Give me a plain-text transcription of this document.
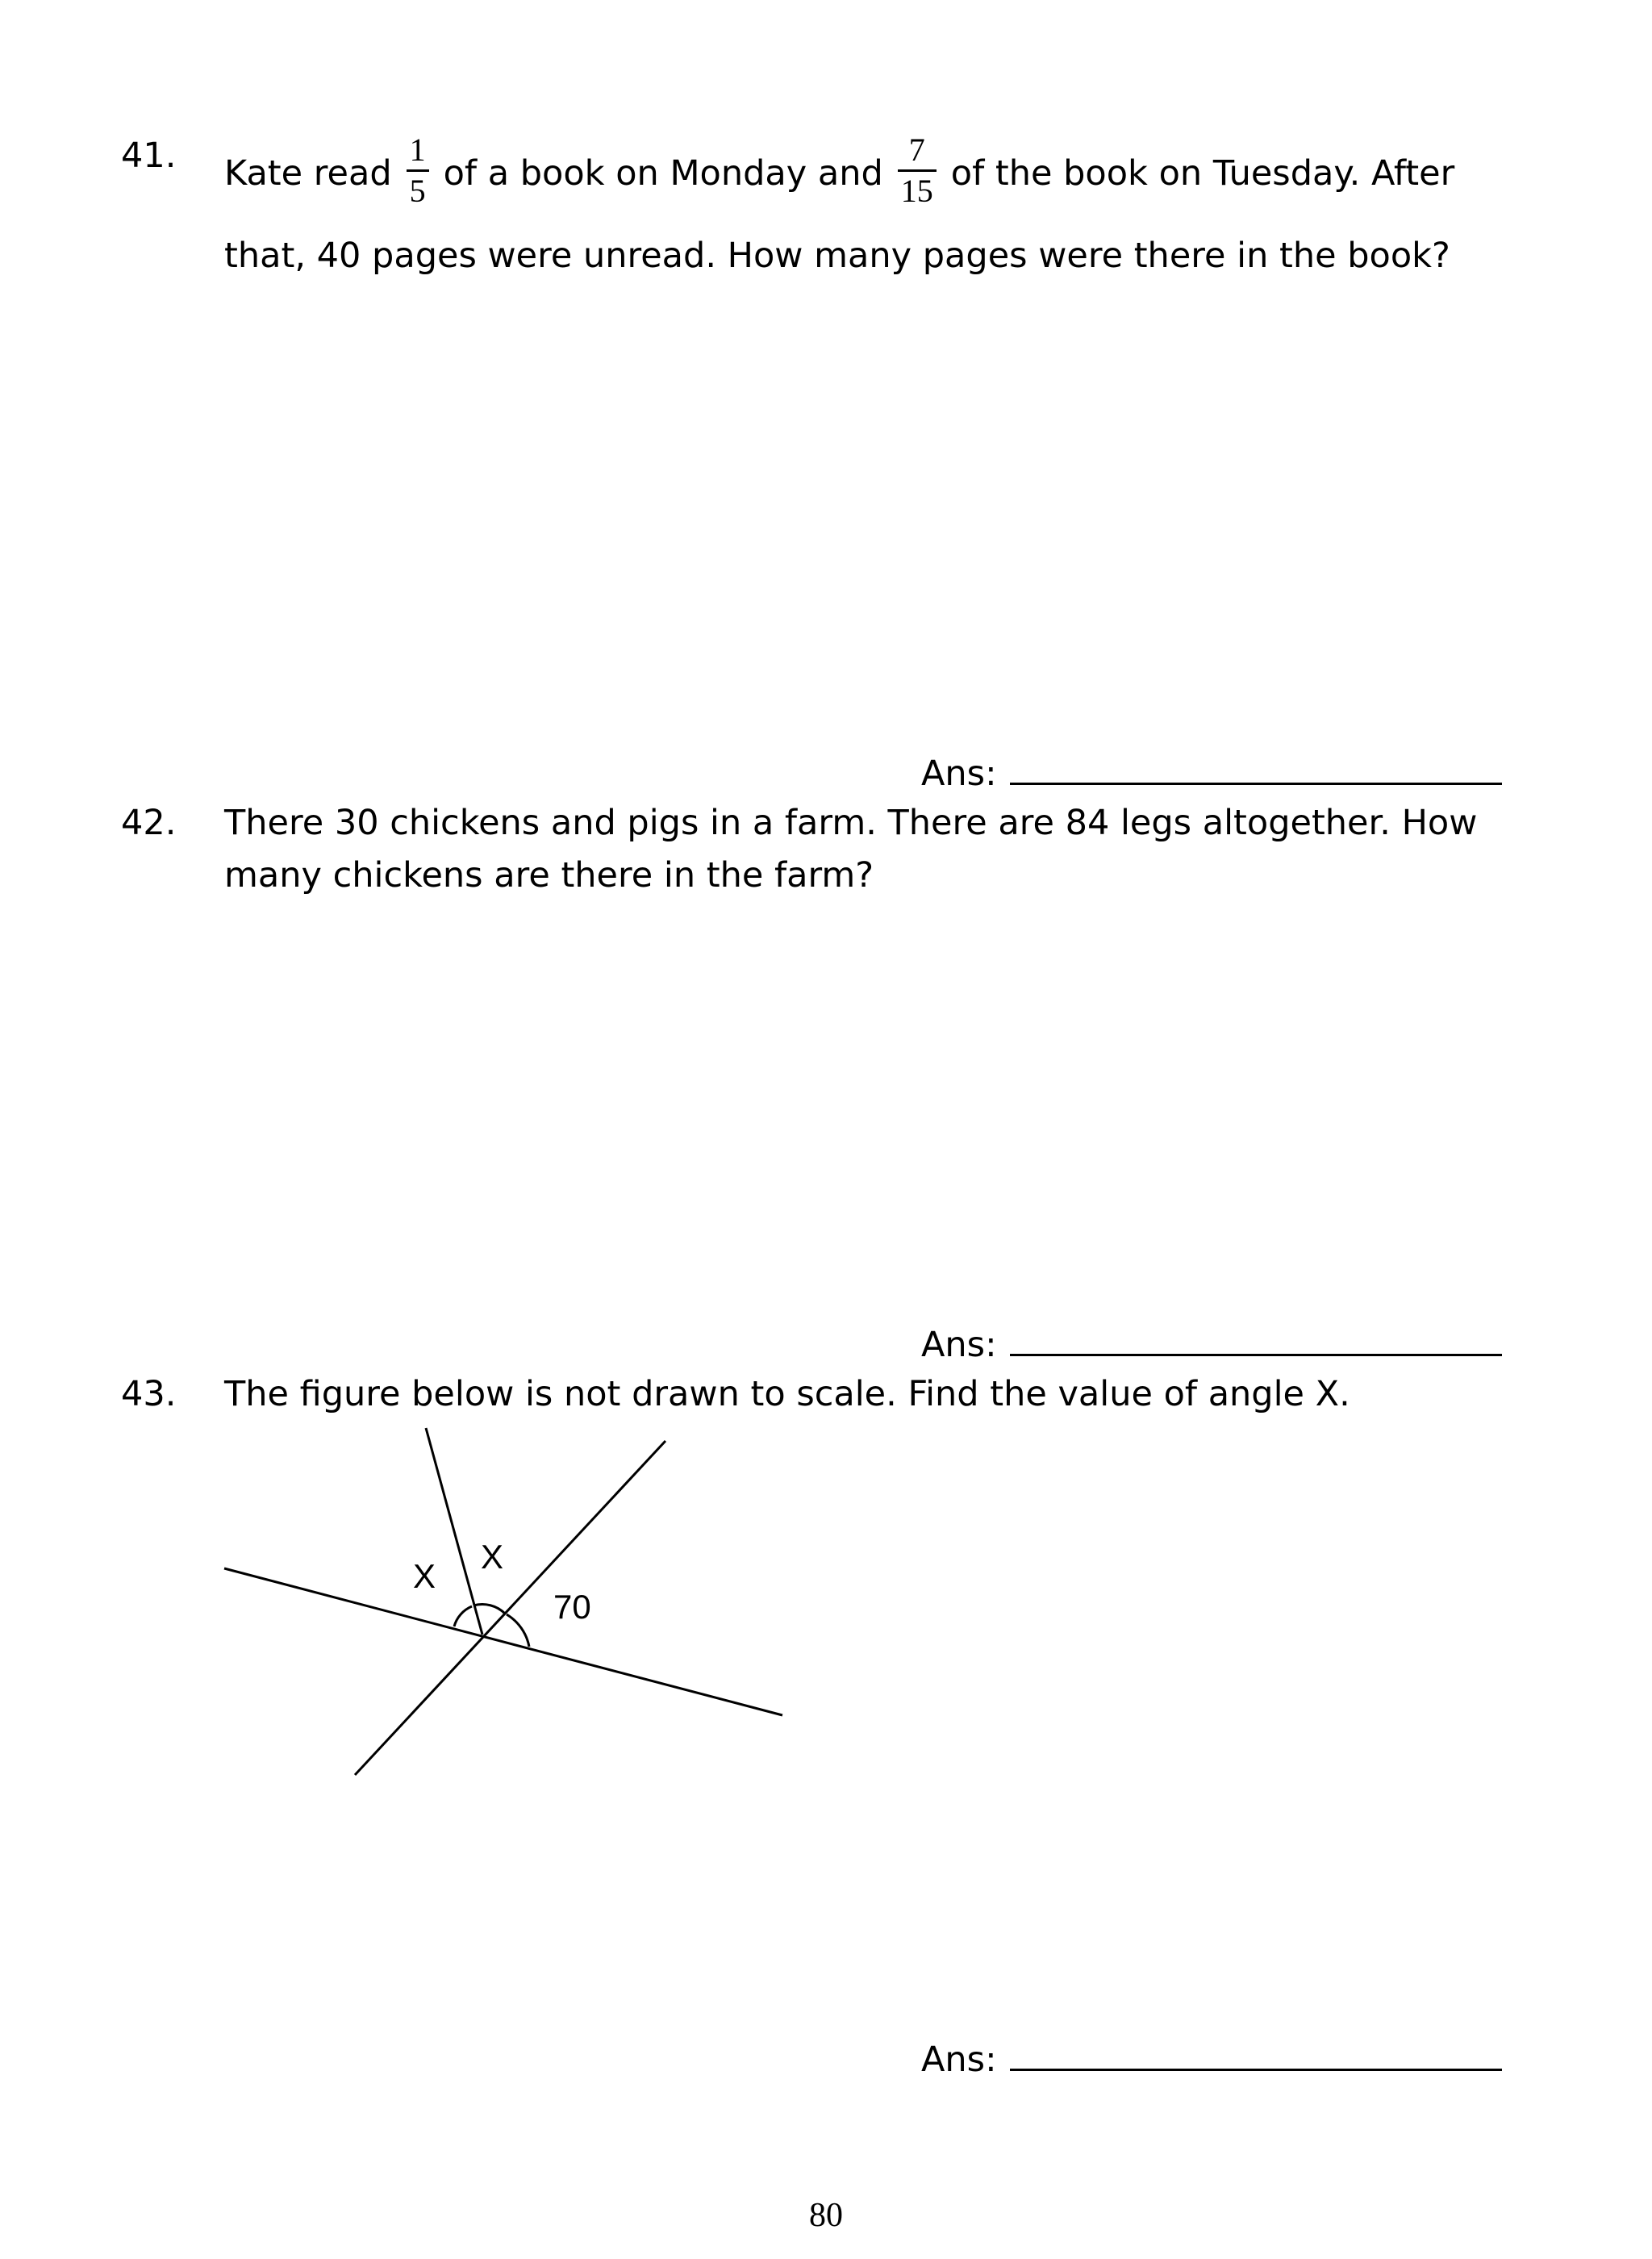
41. Kate read $\frac{1}{5}$ of a book on Monday and $\frac{7}{15}$ of the book on Tuesday. After
that, 40 pages were unread. How many pages were there in the book?
Ans:
42. There 30 chickens and pigs in a farm. There are 84 legs altogether. How
many chickens are there in the farm?
Ans:
43. The figure below is not drawn to scale. Find the value of angle X.
X
X
70
Ans:
80
